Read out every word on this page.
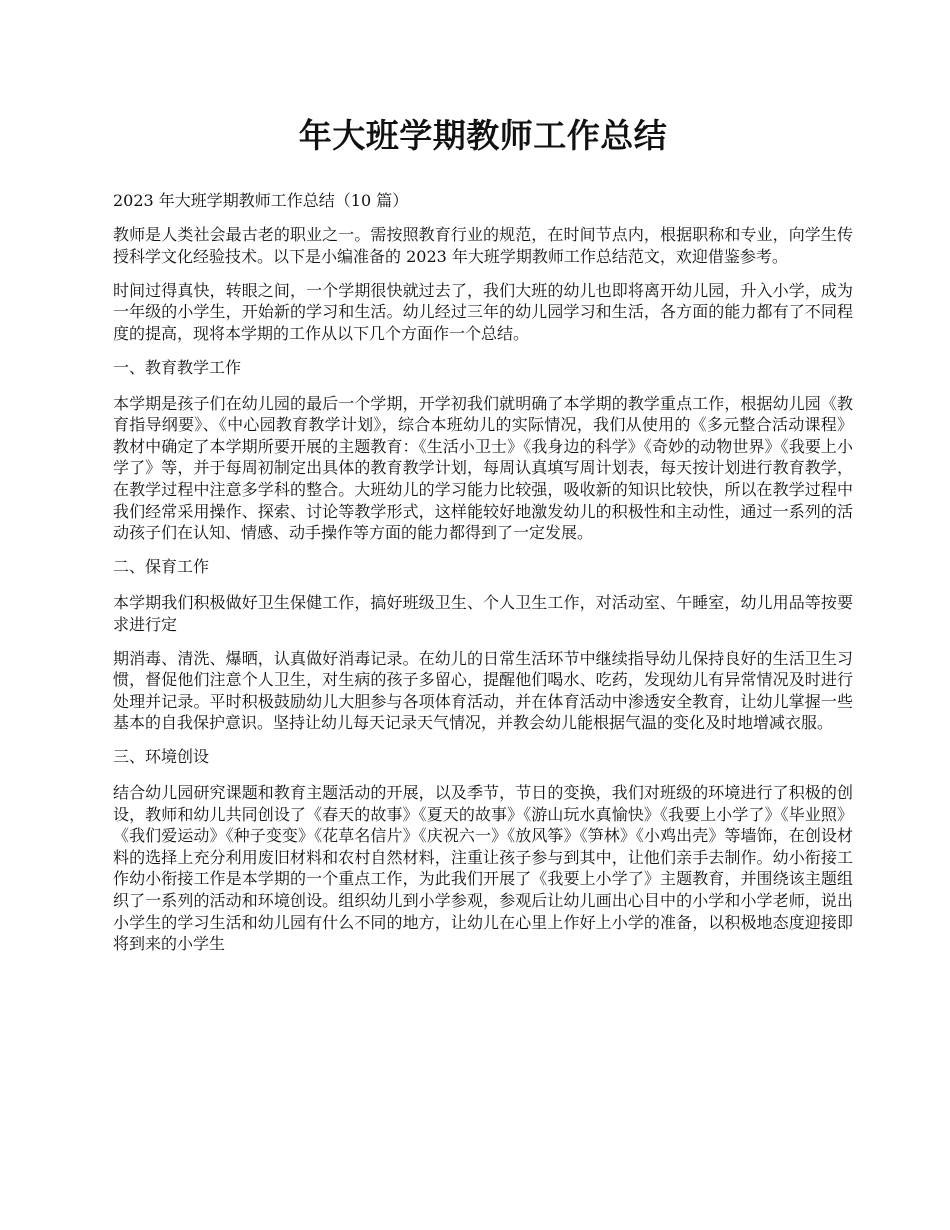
年大班学期教师工作总结

2023 年大班学期教师工作总结（10 篇）

教师是人类社会最古老的职业之一。需按照教育行业的规范，在时间节点内，根据职称和专业，向学生传授科学文化经验技术。以下是小编准备的 2023 年大班学期教师工作总结范文，欢迎借鉴参考。

时间过得真快，转眼之间，一个学期很快就过去了，我们大班的幼儿也即将离开幼儿园，升入小学，成为一年级的小学生，开始新的学习和生活。幼儿经过三年的幼儿园学习和生活，各方面的能力都有了不同程度的提高，现将本学期的工作从以下几个方面作一个总结。

一、教育教学工作

本学期是孩子们在幼儿园的最后一个学期，开学初我们就明确了本学期的教学重点工作，根据幼儿园《教育指导纲要》、《中心园教育教学计划》，综合本班幼儿的实际情况，我们从使用的《多元整合活动课程》教材中确定了本学期所要开展的主题教育：《生活小卫士》《我身边的科学》《奇妙的动物世界》《我要上小学了》等，并于每周初制定出具体的教育教学计划，每周认真填写周计划表，每天按计划进行教育教学，在教学过程中注意多学科的整合。大班幼儿的学习能力比较强，吸收新的知识比较快，所以在教学过程中我们经常采用操作、探索、讨论等教学形式，这样能较好地激发幼儿的积极性和主动性，通过一系列的活动孩子们在认知、情感、动手操作等方面的能力都得到了一定发展。

二、保育工作

本学期我们积极做好卫生保健工作，搞好班级卫生、个人卫生工作，对活动室、午睡室，幼儿用品等按要求进行定

期消毒、清洗、爆晒，认真做好消毒记录。在幼儿的日常生活环节中继续指导幼儿保持良好的生活卫生习惯，督促他们注意个人卫生，对生病的孩子多留心，提醒他们喝水、吃药，发现幼儿有异常情况及时进行处理并记录。平时积极鼓励幼儿大胆参与各项体育活动，并在体育活动中渗透安全教育，让幼儿掌握一些基本的自我保护意识。坚持让幼儿每天记录天气情况，并教会幼儿能根据气温的变化及时地增减衣服。

三、环境创设

结合幼儿园研究课题和教育主题活动的开展，以及季节，节日的变换，我们对班级的环境进行了积极的创设，教师和幼儿共同创设了《春天的故事》《夏天的故事》《游山玩水真愉快》《我要上小学了》《毕业照》《我们爱运动》《种子变变》《花草名信片》《庆祝六一》《放风筝》《笋林》《小鸡出壳》等墙饰，在创设材料的选择上充分利用废旧材料和农村自然材料，注重让孩子参与到其中，让他们亲手去制作。幼小衔接工作幼小衔接工作是本学期的一个重点工作，为此我们开展了《我要上小学了》主题教育，并围绕该主题组织了一系列的活动和环境创设。组织幼儿到小学参观，参观后让幼儿画出心目中的小学和小学老师，说出小学生的学习生活和幼儿园有什么不同的地方，让幼儿在心里上作好上小学的准备，以积极地态度迎接即将到来的小学生
